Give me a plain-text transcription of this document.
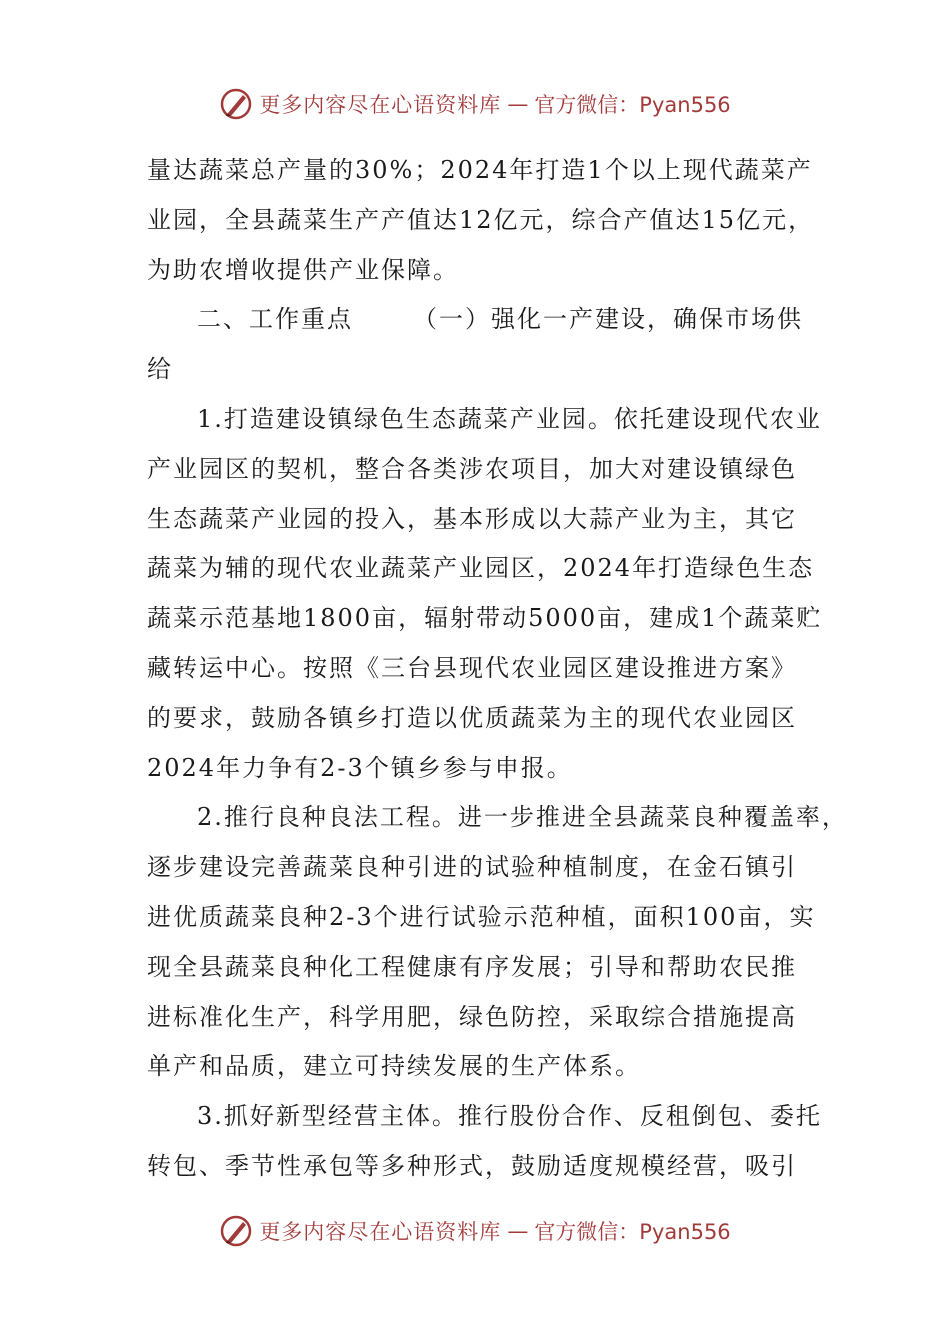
更多内容尽在心语资料库 — 官方微信：Pyan556

量达蔬菜总产量的30%；2024年打造1个以上现代蔬菜产
业园，全县蔬菜生产产值达12亿元，综合产值达15亿元，
为助农增收提供产业保障。

二、工作重点	（一）强化一产建设，确保市场供
给

1.打造建设镇绿色生态蔬菜产业园。依托建设现代农业
产业园区的契机，整合各类涉农项目，加大对建设镇绿色
生态蔬菜产业园的投入，基本形成以大蒜产业为主，其它
蔬菜为辅的现代农业蔬菜产业园区，2024年打造绿色生态
蔬菜示范基地1800亩，辐射带动5000亩，建成1个蔬菜贮
藏转运中心。按照《三台县现代农业园区建设推进方案》
的要求，鼓励各镇乡打造以优质蔬菜为主的现代农业园区
2024年力争有2-3个镇乡参与申报。

2.推行良种良法工程。进一步推进全县蔬菜良种覆盖率，
逐步建设完善蔬菜良种引进的试验种植制度，在金石镇引
进优质蔬菜良种2-3个进行试验示范种植，面积100亩，实
现全县蔬菜良种化工程健康有序发展；引导和帮助农民推
进标准化生产，科学用肥，绿色防控，采取综合措施提高
单产和品质，建立可持续发展的生产体系。

3.抓好新型经营主体。推行股份合作、反租倒包、委托
转包、季节性承包等多种形式，鼓励适度规模经营，吸引

更多内容尽在心语资料库 — 官方微信：Pyan556
